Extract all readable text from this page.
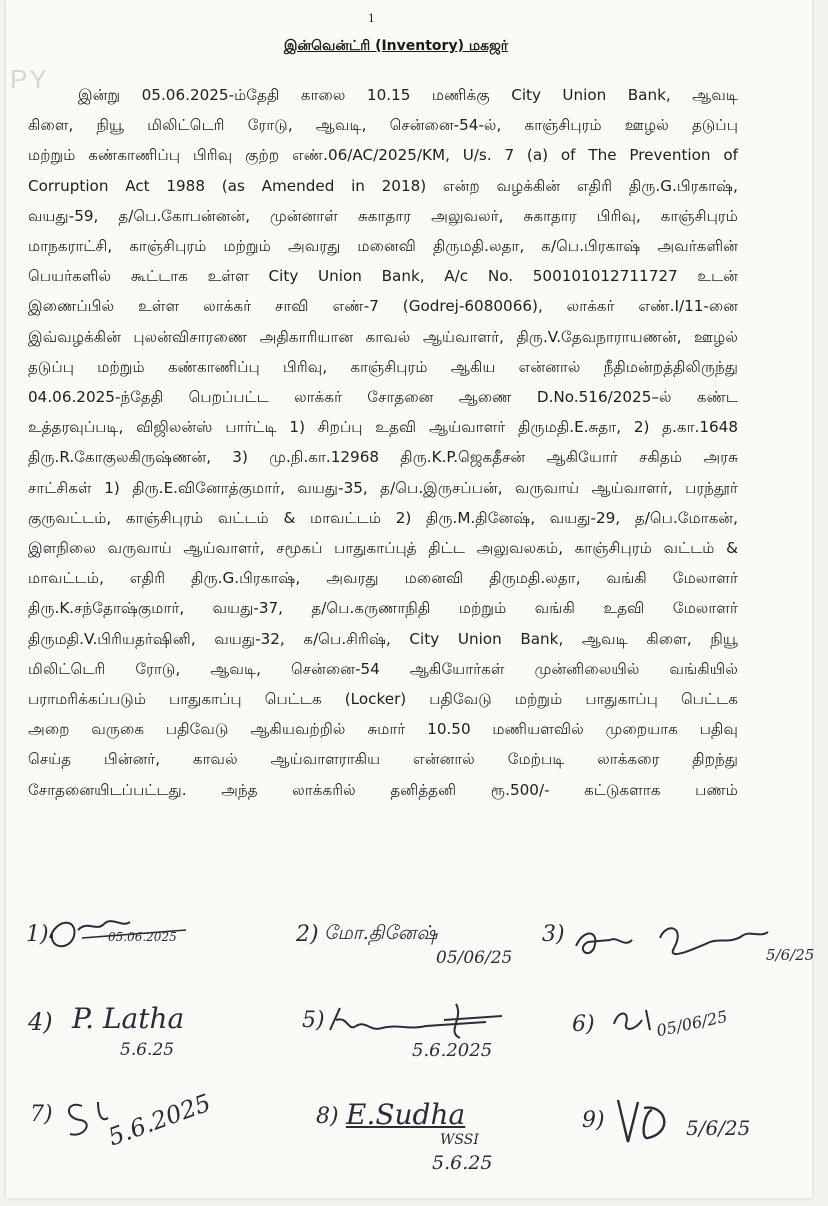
PY
1
இன்வென்ட்ரி (Inventory) மகஜர்
இன்று 05.06.2025-ம்தேதி காலை 10.15 மணிக்கு City Union Bank, ஆவடி
கிளை, நியூ மிலிட்டெரி ரோடு, ஆவடி, சென்னை-54-ல், காஞ்சிபுரம் ஊழல் தடுப்பு
மற்றும் கண்காணிப்பு பிரிவு குற்ற எண்.06/AC/2025/KM, U/s. 7 (a) of The Prevention of
Corruption Act 1988 (as Amended in 2018) என்ற வழக்கின் எதிரி திரு.G.பிரகாஷ்,
வயது-59, த/பெ.கோபன்னன், முன்னாள் சுகாதார அலுவலர், சுகாதார பிரிவு, காஞ்சிபுரம்
மாநகராட்சி, காஞ்சிபுரம் மற்றும் அவரது மனைவி திருமதி.லதா, க/பெ.பிரகாஷ் அவர்களின்
பெயர்களில் கூட்டாக உள்ள City Union Bank, A/c No. 500101012711727 உடன்
இணைப்பில் உள்ள லாக்கர் சாவி எண்-7 (Godrej-6080066), லாக்கர் எண்.I/11-னை
இவ்வழக்கின் புலன்விசாரணை அதிகாரியான காவல் ஆய்வாளர், திரு.V.தேவநாராயணன், ஊழல்
தடுப்பு மற்றும் கண்காணிப்பு பிரிவு, காஞ்சிபுரம் ஆகிய என்னால் நீதிமன்றத்திலிருந்து
04.06.2025-ந்தேதி பெறப்பட்ட லாக்கர் சோதனை ஆணை D.No.516/2025–ல் கண்ட
உத்தரவுப்படி, விஜிலன்ஸ் பார்ட்டி 1) சிறப்பு உதவி ஆய்வாளர் திருமதி.E.சுதா, 2) த.கா.1648
திரு.R.கோகுலகிருஷ்ணன், 3) மு.நி.கா.12968 திரு.K.P.ஜெகதீசன் ஆகியோர் சகிதம் அரசு
சாட்சிகள் 1) திரு.E.வினோத்குமார், வயது-35, த/பெ.இருசப்பன், வருவாய் ஆய்வாளர், பரந்தூர்
குருவட்டம், காஞ்சிபுரம் வட்டம் & மாவட்டம் 2) திரு.M.தினேஷ், வயது-29, த/பெ.மோகன்,
இளநிலை வருவாய் ஆய்வாளர், சமூகப் பாதுகாப்புத் திட்ட அலுவலகம், காஞ்சிபுரம் வட்டம் &
மாவட்டம், எதிரி திரு.G.பிரகாஷ், அவரது மனைவி திருமதி.லதா, வங்கி மேலாளர்
திரு.K.சந்தோஷ்குமார், வயது-37, த/பெ.கருணாநிதி மற்றும் வங்கி உதவி மேலாளர்
திருமதி.V.பிரியதர்ஷினி, வயது-32, க/பெ.சிரிஷ், City Union Bank, ஆவடி கிளை, நியூ
மிலிட்டெரி ரோடு, ஆவடி, சென்னை-54 ஆகியோர்கள் முன்னிலையில் வங்கியில்
பராமரிக்கப்படும் பாதுகாப்பு பெட்டக (Locker) பதிவேடு மற்றும் பாதுகாப்பு பெட்டக
அறை வருகை பதிவேடு ஆகியவற்றில் சுமார் 10.50 மணியளவில் முறையாக பதிவு
செய்த பின்னர், காவல் ஆய்வாளராகிய என்னால் மேற்படி லாக்கரை திறந்து
சோதனையிடப்பட்டது. அந்த லாக்கரில் தனித்தனி ரூ.500/- கட்டுகளாக பணம்
1)	05.06.2025	2) மோ.தினேஷ்
05/06/25
3)
5/6/25
4) P. Latha
5.6.25
5)
5.6.2025
6)	05/06/25
7) 5.6.2025	8) E.Sudha
WSSI
5.6.25
9)	5/6/25
